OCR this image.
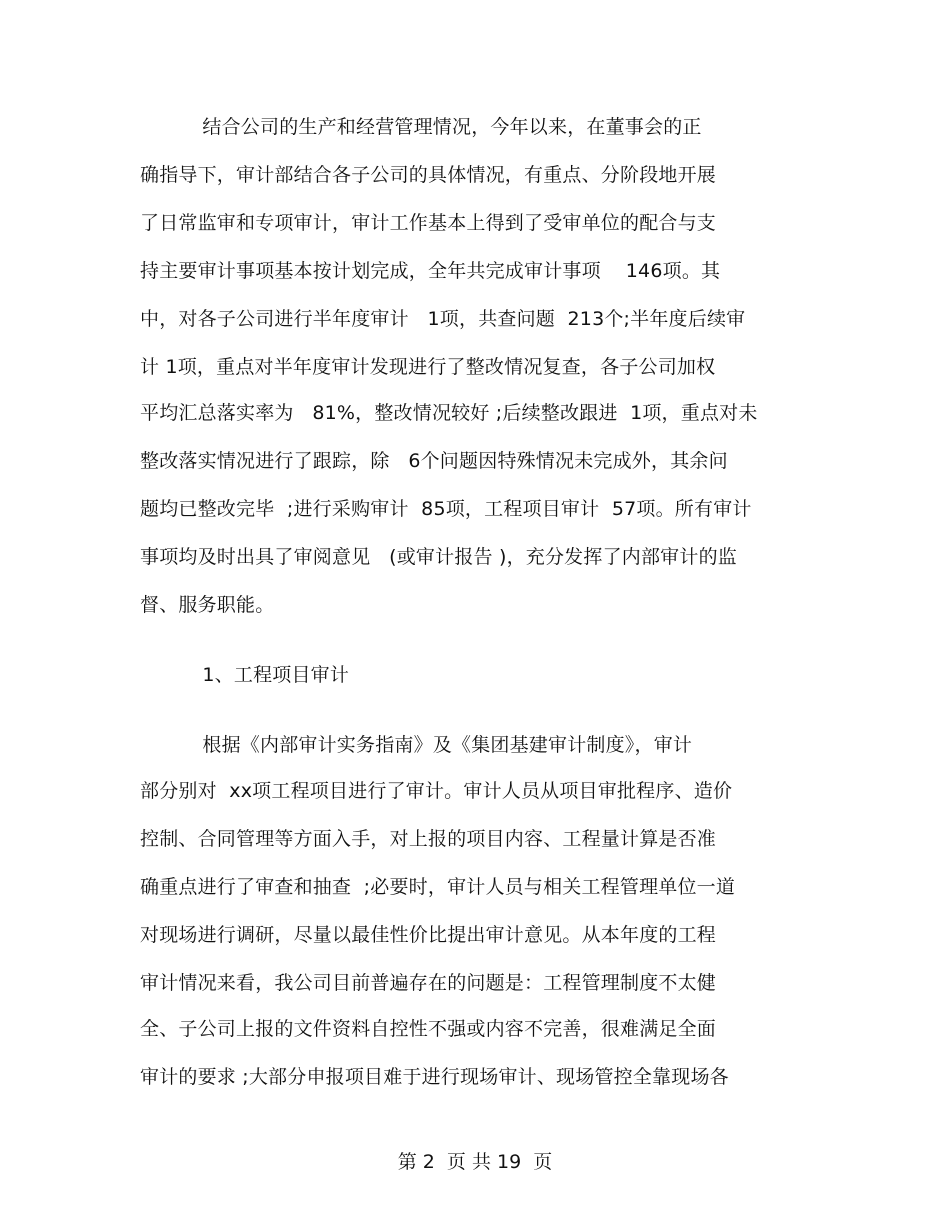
结合公司的生产和经营管理情况，今年以来，在董事会的正
确指导下，审计部结合各子公司的具体情况，有重点、分阶段地开展
了日常监审和专项审计，审计工作基本上得到了受审单位的配合与支
持主要审计事项基本按计划完成，全年共完成审计事项    146项。其
中，对各子公司进行半年度审计   1项，共查问题  213个;半年度后续审
计 1项，重点对半年度审计发现进行了整改情况复查，各子公司加权
平均汇总落实率为   81%，整改情况较好 ;后续整改跟进  1项，重点对未
整改落实情况进行了跟踪，除   6个问题因特殊情况未完成外，其余问
题均已整改完毕  ;进行采购审计  85项，工程项目审计  57项。所有审计
事项均及时出具了审阅意见   (或审计报告 )，充分发挥了内部审计的监
督、服务职能。
1、工程项目审计
根据《内部审计实务指南》及《集团基建审计制度》，审计
部分别对  xx项工程项目进行了审计。审计人员从项目审批程序、造价
控制、合同管理等方面入手，对上报的项目内容、工程量计算是否准
确重点进行了审查和抽查  ;必要时，审计人员与相关工程管理单位一道
对现场进行调研，尽量以最佳性价比提出审计意见。从本年度的工程
审计情况来看，我公司目前普遍存在的问题是：工程管理制度不太健
全、子公司上报的文件资料自控性不强或内容不完善，很难满足全面
审计的要求 ;大部分申报项目难于进行现场审计、现场管控全靠现场各
第 2  页 共 19  页
